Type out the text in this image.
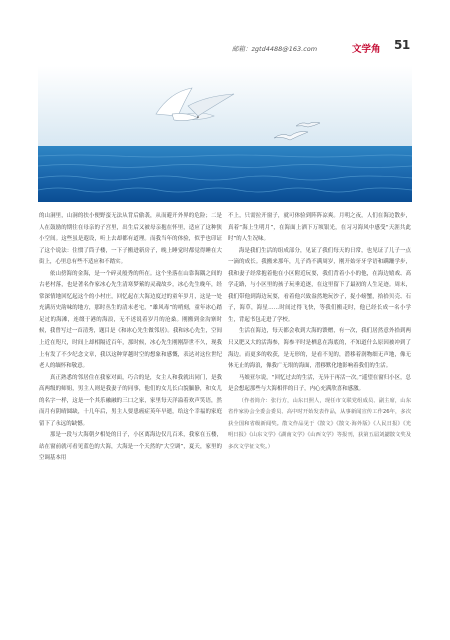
邮箱：zgtd4488@163.com	文学角 51

的山洞里，山洞的扶小便野蛮无法从背后偷袭，从而避开外界的危险；二是人在鼓励的期往在母亲的子宫里，出生后又被母亲抱在怀里，适应了这种狭小空间。这些虽是遐设，听上去却都有道理。而我当年的体验，似乎也印证了这个说法：住惯了筒子楼，一下子搬进新房子，晚上睡觉时都觉得睡在大街上，心里总有些不适应和不踏实。

依山傍海的金海，是一个碎灵般秀的所在。这个坐落在山靠海隅之间的古老村落，也是著名作家冰心先生清寒梦萦的灵魂故乡，冰心先生晚年，经常深情地回忆起这个的小村庄，回忆起在大海边度过的童年岁月，这是一处充满历史韵味的地方，那时丛生的清末老宅，“雄风毒”的哨刻，童年冰心踏足过的海滩，连缀于港的海浪，无不述说着岁月的沧桑。刚搬到金沟寨时候，我曾写过一首清秀，题目是《和冰心先生做邻居》。我和冰心先生，空间上近在咫尺，时间上却相隔近百年，那时候，冰心先生刚刚辞世不久，现我上有发了不少纪念文章，我以这种穿越时空的想象和感慨，表达对这位世纪老人的缅怀和敬意。

真正熟悉的邻居住在我家对面，巧合的是，女主人和我就出同门，是我高两级的师姐，男主人则是我妻子的同事，他们的女儿长白貌腼静，和女儿的名字一样，这是一个其乐融融的三口之家，家里每天洋溢着欢声笑语，然而月有阴晴圆缺，十几年后，男主人要患癌症英年早逝，给这个幸福的家庭留下了永远的缺憾。

那是一段与大海朝夕相处的日子，小区离海边仅几百米，我家在五楼，站在窗前就可看见蓝色的大海，大海是一个天然的“大空调”，夏天，家里的空调基本用

不上，只需拉开窗子，就可体验到阵阵凉爽。月明之夜，人们在海边散步，真着“海上生明月”，在海面上洒下万顷银光，在习习海风中感受“天涯共此时”的人生况味。

海是我们生活的组成部分，见证了我们每天的日常，也见证了儿子一点一滴的成长。我搬来那年，儿子尚不满周岁，刚开始牙牙学语和蹒跚学步，我和妻子经常抱着他在小区附近玩耍，我们背着小小的他，在海边嬉戏、高学走路，与小区里的孩子玩垂追逐，在这里留下了最初的人生足迹。周末，我们带他到海边玩耍，看着他兴致盎然地玩沙子，捉小螃蟹，拾拾贝壳、石子，海草，海星……时间过得飞快，等我们搬走时，他已经长成一名小学生，背起书包走进了学校。

生活在海边，每天都会收到大海的馈赠，有一次，我们居然意外拾到两只又肥又大的活海参，海参平时是栖息在海底的，不知道什么原因被冲到了海边。而更多的收获，是无形的，是看不见的，潜移着润物细无声地，像无休无止的海浪，像我广无垠的海面，潜移默化地影响着我们的生活。

马娘亚尔说，“回忆过去的生活，无异于再活一次。”遥望在窗归小区，总是会想起那些与大海相伴的日子，内心充满欣喜和感激。

（作者简介：张行方，山东日照人，现任市文联党组成员、副主席，山东省作家协会全委会委员、高中时开始发表作品，从事新闻宣传工作26年，多次获全国和省级新闻奖。散文作品见于《散文》《散文·海外版》《人民日报》《光明日报》《山东文学》《湖南文学》《山西文学》等报刊，获第五届刘勰散文奖及多次文学征文奖。）
